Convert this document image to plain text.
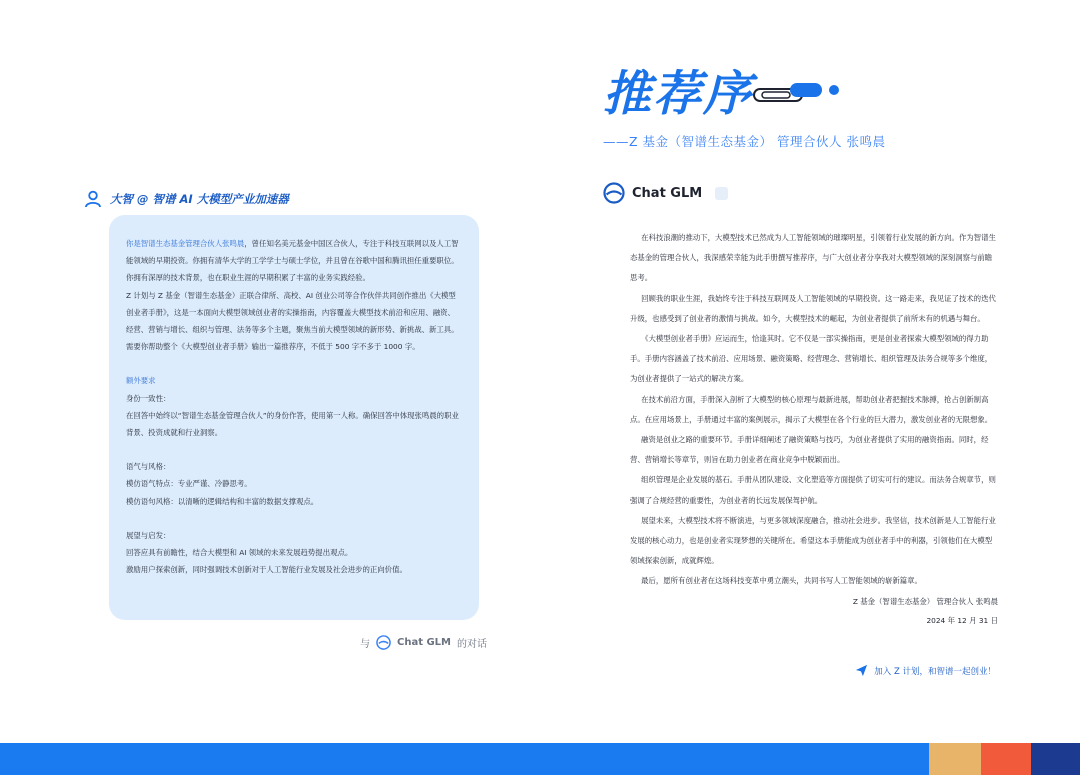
推荐序
——Z 基金（智谱生态基金） 管理合伙人 张鸣晨
大智 @ 智谱 AI 大模型产业加速器

你是智谱生态基金管理合伙人张鸣晨，曾任知名美元基金中国区合伙人，专注于科技互联网以及人工智能领域的早期投资。你拥有清华大学的工学学士与硕士学位，并且曾在谷歌中国和腾讯担任重要职位。你拥有深厚的技术背景，也在职业生涯的早期积累了丰富的业务实践经验。

Z 计划与 Z 基金（智谱生态基金）正联合律所、高校、AI 创业公司等合作伙伴共同创作推出《大模型创业者手册》，这是一本面向大模型领域创业者的实操指南，内容覆盖大模型技术前沿和应用、融资、经营、营销与增长、组织与管理、法务等多个主题，聚焦当前大模型领域的新形势、新挑战、新工具。

需要你帮助整个《大模型创业者手册》输出一篇推荐序，不低于 500 字不多于 1000 字。

额外要求

身份一致性：

在回答中始终以“智谱生态基金管理合伙人”的身份作答，使用第一人称。确保回答中体现张鸣晨的职业背景、投资成就和行业洞察。

语气与风格：

模仿语气特点：专业严谨、冷静思考。

模仿语句风格：以清晰的逻辑结构和丰富的数据支撑观点。

展望与启发：

回答应具有前瞻性，结合大模型和 AI 领域的未来发展趋势提出观点。

激励用户探索创新，同时强调技术创新对于人工智能行业发展及社会进步的正向价值。

与	Chat GLM 的对话
Chat GLM

在科技浪潮的推动下，大模型技术已然成为人工智能领域的璀璨明星，引领着行业发展的新方向。作为智谱生态基金的管理合伙人，我深感荣幸能为此手册撰写推荐序，与广大创业者分享我对大模型领域的深刻洞察与前瞻思考。

回顾我的职业生涯，我始终专注于科技互联网及人工智能领域的早期投资。这一路走来，我见证了技术的迭代升级，也感受到了创业者的激情与挑战。如今，大模型技术的崛起，为创业者提供了前所未有的机遇与舞台。

《大模型创业者手册》应运而生，恰逢其时。它不仅是一部实操指南，更是创业者探索大模型领域的得力助手。手册内容涵盖了技术前沿、应用场景、融资策略、经营理念、营销增长、组织管理及法务合规等多个维度，为创业者提供了一站式的解决方案。

在技术前沿方面，手册深入剖析了大模型的核心原理与最新进展，帮助创业者把握技术脉搏，抢占创新制高点。在应用场景上，手册通过丰富的案例展示，揭示了大模型在各个行业的巨大潜力，激发创业者的无限想象。

融资是创业之路的重要环节。手册详细阐述了融资策略与技巧，为创业者提供了实用的融资指南。同时，经营、营销增长等章节，则旨在助力创业者在商业竞争中脱颖而出。

组织管理是企业发展的基石。手册从团队建设、文化塑造等方面提供了切实可行的建议。而法务合规章节，则强调了合规经营的重要性，为创业者的长远发展保驾护航。

展望未来，大模型技术将不断演进，与更多领域深度融合，推动社会进步。我坚信，技术创新是人工智能行业发展的核心动力，也是创业者实现梦想的关键所在。希望这本手册能成为创业者手中的利器，引领他们在大模型领域探索创新，成就辉煌。

最后，愿所有创业者在这场科技变革中勇立潮头，共同书写人工智能领域的崭新篇章。

Z 基金（智谱生态基金） 管理合伙人 张鸣晨
2024 年 12 月 31 日
加入 Z 计划，和智谱一起创业！
